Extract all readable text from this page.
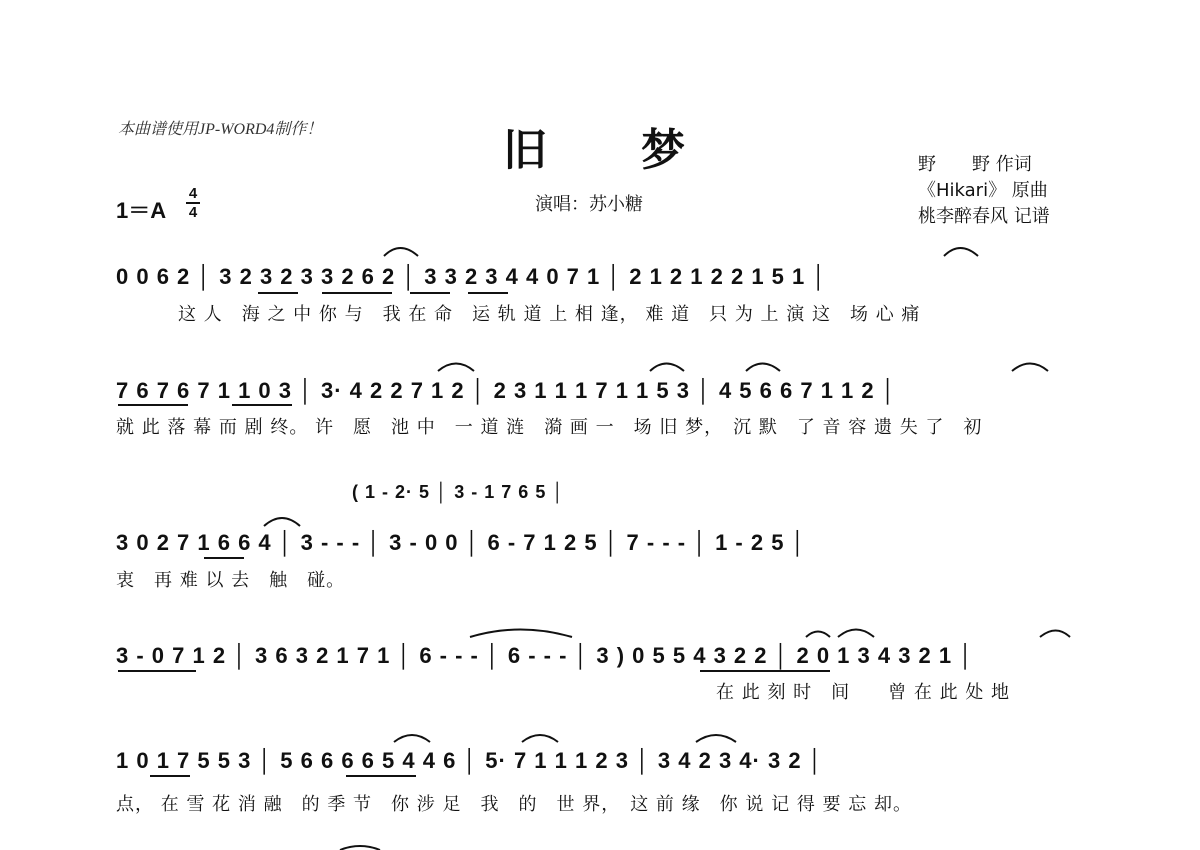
本曲谱使用JP-WORD4制作！	旧　　梦
1＝A
4
4	演唱：苏小糖
野　　野 作词
《Hikari》 原曲
桃李醉春风 记谱
0 0 6 2 │ 3 2 3 2 3 3 2 6 2 │ 3 3 2 3 4 4 0 7 1 │ 2 1 2 1 2 2 1 5 1 │
这 人　海 之 中 你 与　我 在 命　运 轨 道 上 相 逢， 难 道　只 为 上 演 这　场 心 痛
7 6 7 6 7 1 1 0 3 │ 3· 4 2 2 7 1 2 │ 2 3 1 1 1 7 1 1 5 3 │ 4 5 6 6 7 1 1 2 │
就 此 落 幕 而 剧 终。 许　愿　池 中　一 道 涟　漪 画 一　场 旧 梦，　沉 默　了 音 容 遗 失 了　初
( 1 - 2· 5 │ 3 - 1 7 6 5 │
3 0 2 7 1 6 6 4 │ 3 - - - │ 3 - 0 0 │ 6 - 7 1 2 5 │ 7 - - - │ 1 - 2 5 │
衷　再 难 以 去　触　碰。
3 - 0 7 1 2 │ 3 6 3 2 1 7 1 │ 6 - - - │ 6 - - - │ 3 ) 0 5 5 4 3 2 2 │ 2 0 1 3 4 3 2 1 │
在 此 刻 时　间　　曾 在 此 处 地
1 0 1 7 5 5 3 │ 5 6 6 6 6 5 4 4 6 │ 5· 7 1 1 1 2 3 │ 3 4 2 3 4· 3 2 │
点， 在 雪 花 消 融　的 季 节　你 涉 足　我　的　世 界，　这 前 缘　你 说 记 得 要 忘 却。
